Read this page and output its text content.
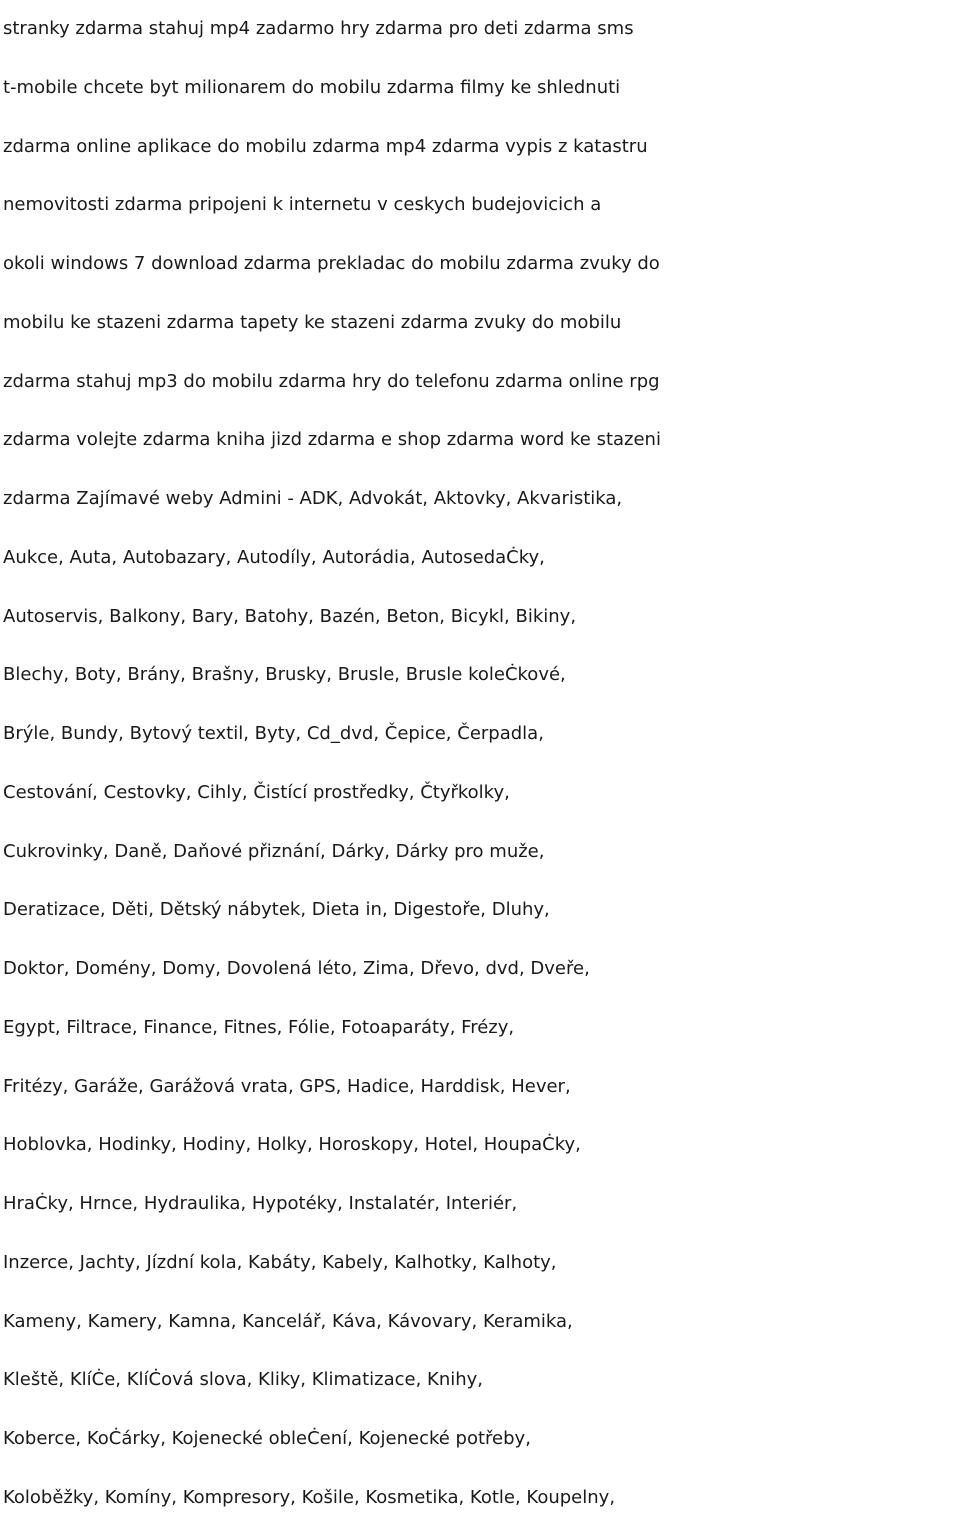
stranky zdarma stahuj mp4 zadarmo hry zdarma pro deti zdarma sms
t-mobile chcete byt milionarem do mobilu zdarma filmy ke shlednuti
zdarma online aplikace do mobilu zdarma mp4 zdarma vypis z katastru
nemovitosti zdarma pripojeni k internetu v ceskych budejovicich a
okoli windows 7 download zdarma prekladac do mobilu zdarma zvuky do
mobilu ke stazeni zdarma tapety ke stazeni zdarma zvuky do mobilu
zdarma stahuj mp3 do mobilu zdarma hry do telefonu zdarma online rpg
zdarma volejte zdarma kniha jizd zdarma e shop zdarma word ke stazeni
zdarma Zajímavé weby Admini - ADK, Advokát, Aktovky, Akvaristika,
Aukce, Auta, Autobazary, Autodíly, Autorádia, AutosedaĊky,
Autoservis, Balkony, Bary, Batohy, Bazén, Beton, Bicykl, Bikiny,
Blechy, Boty, Brány, Brašny, Brusky, Brusle, Brusle koleĊkové,
Brýle, Bundy, Bytový textil, Byty, Cd_dvd, Čepice, Čerpadla,
Cestování, Cestovky, Cihly, Čistící prostředky, Čtyřkolky,
Cukrovinky, Daně, Daňové přiznání, Dárky, Dárky pro muže,
Deratizace, Děti, Dětský nábytek, Dieta in, Digestoře, Dluhy,
Doktor, Domény, Domy, Dovolená léto, Zima, Dřevo, dvd, Dveře,
Egypt, Filtrace, Finance, Fitnes, Fólie, Fotoaparáty, Frézy,
Fritézy, Garáže, Garážová vrata, GPS, Hadice, Harddisk, Hever,
Hoblovka, Hodinky, Hodiny, Holky, Horoskopy, Hotel, HoupaĊky,
HraĊky, Hrnce, Hydraulika, Hypotéky, Instalatér, Interiér,
Inzerce, Jachty, Jízdní kola, Kabáty, Kabely, Kalhotky, Kalhoty,
Kameny, Kamery, Kamna, Kancelář, Káva, Kávovary, Keramika,
Kleště, KlíĊe, KlíĊová slova, Kliky, Klimatizace, Knihy,
Koberce, KoĊárky, Kojenecké obleĊení, Kojenecké potřeby,
Koloběžky, Komíny, Kompresory, Košile, Kosmetika, Kotle, Koupelny,
